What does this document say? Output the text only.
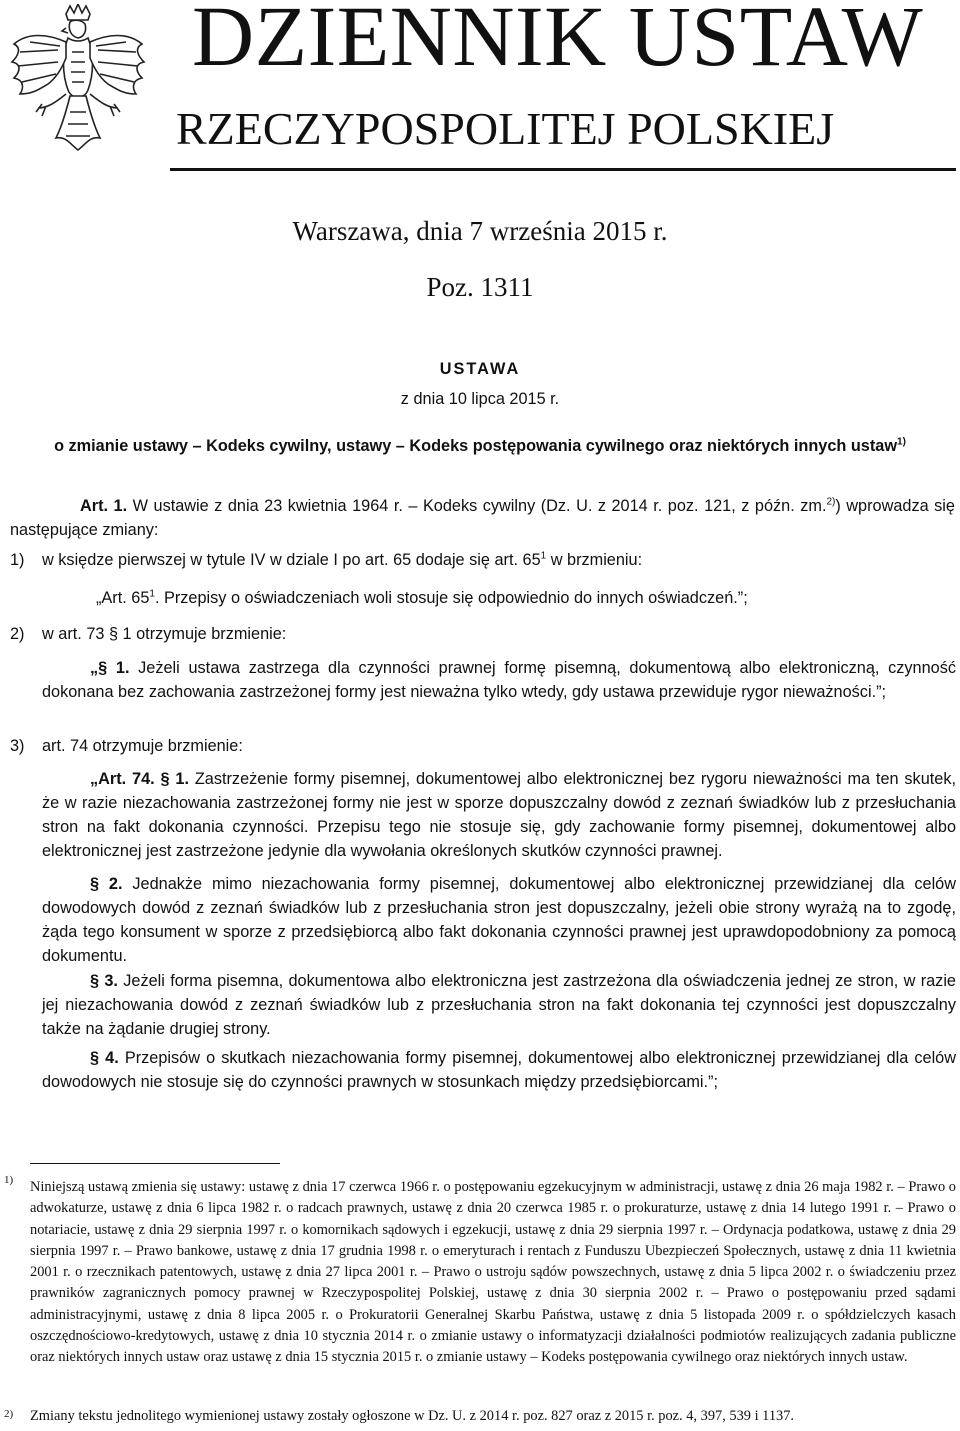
DZIENNIK USTAW
RZECZYPOSPOLITEJ POLSKIEJ
Warszawa, dnia 7 września 2015 r.
Poz. 1311
USTAWA
z dnia 10 lipca 2015 r.
o zmianie ustawy – Kodeks cywilny, ustawy – Kodeks postępowania cywilnego oraz niektórych innych ustaw$^{1)}$
Art. 1. W ustawie z dnia 23 kwietnia 1964 r. – Kodeks cywilny (Dz. U. z 2014 r. poz. 121, z późn. zm.$^{2)}$) wprowadza się następujące zmiany:
1) w księdze pierwszej w tytule IV w dziale I po art. 65 dodaje się art. $65^1$ w brzmieniu:
„Art. $65^1$. Przepisy o oświadczeniach woli stosuje się odpowiednio do innych oświadczeń.”;
2) w art. 73 § 1 otrzymuje brzmienie:
„§ 1. Jeżeli ustawa zastrzega dla czynności prawnej formę pisemną, dokumentową albo elektroniczną, czynność dokonana bez zachowania zastrzeżonej formy jest nieważna tylko wtedy, gdy ustawa przewiduje rygor nieważności.”;
3) art. 74 otrzymuje brzmienie:
„Art. 74. § 1. Zastrzeżenie formy pisemnej, dokumentowej albo elektronicznej bez rygoru nieważności ma ten skutek, że w razie niezachowania zastrzeżonej formy nie jest w sporze dopuszczalny dowód z zeznań świadków lub z przesłuchania stron na fakt dokonania czynności. Przepisu tego nie stosuje się, gdy zachowanie formy pisemnej, dokumentowej albo elektronicznej jest zastrzeżone jedynie dla wywołania określonych skutków czynności prawnej.
§ 2. Jednakże mimo niezachowania formy pisemnej, dokumentowej albo elektronicznej przewidzianej dla celów dowodowych dowód z zeznań świadków lub z przesłuchania stron jest dopuszczalny, jeżeli obie strony wyrażą na to zgodę, żąda tego konsument w sporze z przedsiębiorcą albo fakt dokonania czynności prawnej jest uprawdopodobniony za pomocą dokumentu.
§ 3. Jeżeli forma pisemna, dokumentowa albo elektroniczna jest zastrzeżona dla oświadczenia jednej ze stron, w razie jej niezachowania dowód z zeznań świadków lub z przesłuchania stron na fakt dokonania tej czynności jest dopuszczalny także na żądanie drugiej strony.
§ 4. Przepisów o skutkach niezachowania formy pisemnej, dokumentowej albo elektronicznej przewidzianej dla celów dowodowych nie stosuje się do czynności prawnych w stosunkach między przedsiębiorcami.”;
1) Niniejszą ustawą zmienia się ustawy: ustawę z dnia 17 czerwca 1966 r. o postępowaniu egzekucyjnym w administracji, ustawę z dnia 26 maja 1982 r. – Prawo o adwokaturze, ustawę z dnia 6 lipca 1982 r. o radcach prawnych, ustawę z dnia 20 czerwca 1985 r. o prokuraturze, ustawę z dnia 14 lutego 1991 r. – Prawo o notariacie, ustawę z dnia 29 sierpnia 1997 r. o komornikach sądowych i egzekucji, ustawę z dnia 29 sierpnia 1997 r. – Ordynacja podatkowa, ustawę z dnia 29 sierpnia 1997 r. – Prawo bankowe, ustawę z dnia 17 grudnia 1998 r. o emeryturach i rentach z Funduszu Ubezpieczeń Społecznych, ustawę z dnia 11 kwietnia 2001 r. o rzecznikach patentowych, ustawę z dnia 27 lipca 2001 r. – Prawo o ustroju sądów powszechnych, ustawę z dnia 5 lipca 2002 r. o świadczeniu przez prawników zagranicznych pomocy prawnej w Rzeczypospolitej Polskiej, ustawę z dnia 30 sierpnia 2002 r. – Prawo o postępowaniu przed sądami administracyjnymi, ustawę z dnia 8 lipca 2005 r. o Prokuratorii Generalnej Skarbu Państwa, ustawę z dnia 5 listopada 2009 r. o spółdzielczych kasach oszczędnościowo-kredytowych, ustawę z dnia 10 stycznia 2014 r. o zmianie ustawy o informatyzacji działalności podmiotów realizujących zadania publiczne oraz niektórych innych ustaw oraz ustawę z dnia 15 stycznia 2015 r. o zmianie ustawy – Kodeks postępowania cywilnego oraz niektórych innych ustaw.
2) Zmiany tekstu jednolitego wymienionej ustawy zostały ogłoszone w Dz. U. z 2014 r. poz. 827 oraz z 2015 r. poz. 4, 397, 539 i 1137.
